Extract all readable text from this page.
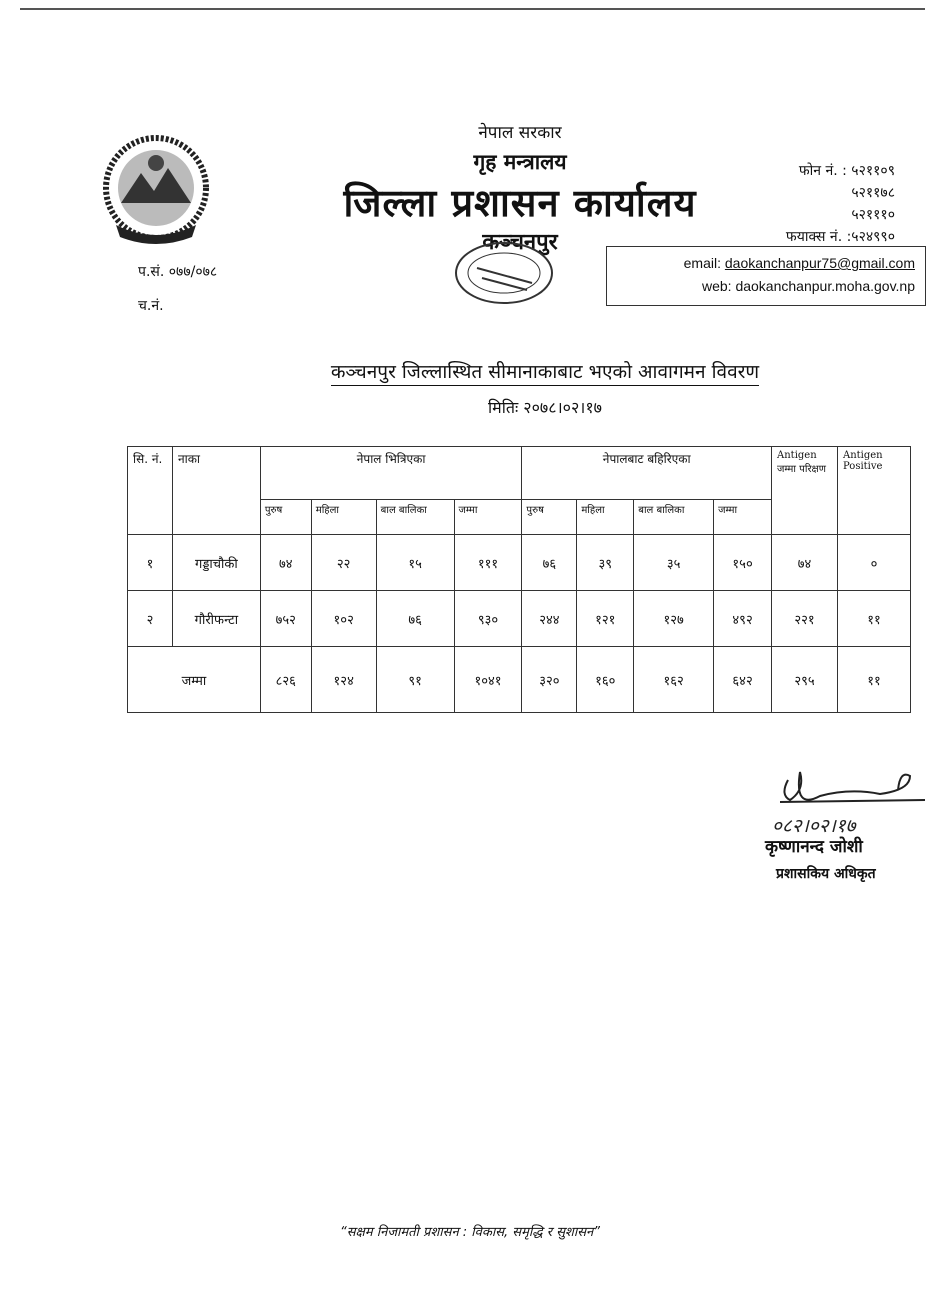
नेपाल सरकार
गृह मन्त्रालय
जिल्ला प्रशासन कार्यालय
कञ्चनपुर
फोन नं. : ५२११०९
५२११७८
५२१११०
फयाक्स नं. :५२४९९०
email: daokanchanpur75@gmail.com
web: daokanchanpur.moha.gov.np
प.सं. ०७७/०७८
च.नं.
कञ्चनपुर जिल्लास्थित सीमानाकाबाट भएको आवागमन विवरण
मितिः २०७८।०२।१७
सि. नं.	नाका	नेपाल भित्रिएका				नेपालबाट बहिरिएका				Antigen जम्मा परिक्षण	Antigen Positive
		पुरुष	महिला	बाल बालिका	जम्मा	पुरुष	महिला	बाल बालिका	जम्मा		
१	गड्डाचौकी	७४	२२	१५	१११	७६	३९	३५	१५०	७४	०
२	गौरीफन्टा	७५२	१०२	७६	९३०	२४४	१२१	१२७	४९२	२२१	११
जम्मा		८२६	१२४	९१	१०४१	३२०	१६०	१६२	६४२	२९५	११
०८२।०२।१७
कृष्णानन्द जोशी
प्रशासकिय अधिकृत
“सक्षम निजामती प्रशासन : विकास, समृद्धि र सुशासन”
